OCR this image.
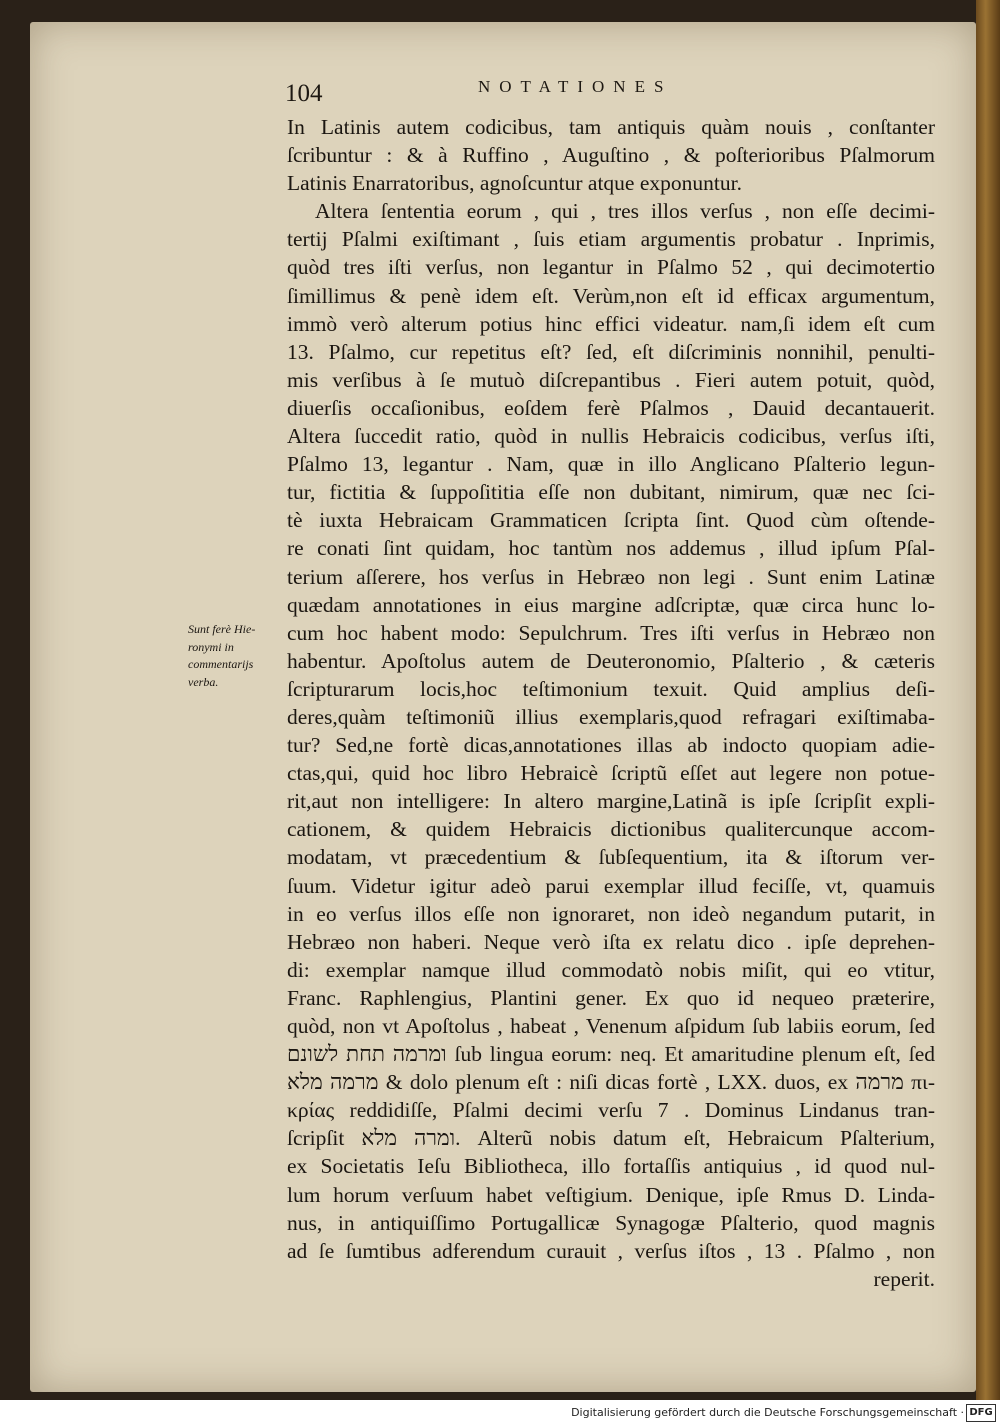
104	NOTATIONES
Sunt ferè Hie-
ronymi in
commentarijs
verba.
In Latinis autem codicibus, tam antiquis quàm nouis , conſtanter
ſcribuntur : & à Ruffino , Auguſtino , & poſterioribus Pſalmorum
Latinis Enarratoribus, agnoſcuntur atque exponuntur.
Altera ſententia eorum , qui , tres illos verſus , non eſſe decimi-
tertij Pſalmi exiſtimant , ſuis etiam argumentis probatur . Inprimis,
quòd tres iſti verſus, non legantur in Pſalmo 52 , qui decimotertio
ſimillimus & penè idem eſt. Verùm,non eſt id efficax argumentum,
immò verò alterum potius hinc effici videatur. nam,ſi idem eſt cum
13. Pſalmo, cur repetitus eſt? ſed, eſt diſcriminis nonnihil, penulti-
mis verſibus à ſe mutuò diſcrepantibus . Fieri autem potuit, quòd,
diuerſis occaſionibus, eoſdem ferè Pſalmos , Dauid decantauerit.
Altera ſuccedit ratio, quòd in nullis Hebraicis codicibus, verſus iſti,
Pſalmo 13, legantur . Nam, quæ in illo Anglicano Pſalterio legun-
tur, fictitia & ſuppoſititia eſſe non dubitant, nimirum, quæ nec ſci-
tè iuxta Hebraicam Grammaticen ſcripta ſint. Quod cùm oſtende-
re conati ſint quidam, hoc tantùm nos addemus , illud ipſum Pſal-
terium aſſerere, hos verſus in Hebræo non legi . Sunt enim Latinæ
quædam annotationes in eius margine adſcriptæ, quæ circa hunc lo-
cum hoc habent modo: Sepulchrum. Tres iſti verſus in Hebræo non
habentur. Apoſtolus autem de Deuteronomio, Pſalterio , & cæteris
ſcripturarum locis,hoc teſtimonium texuit. Quid amplius deſi-
deres,quàm teſtimoniũ illius exemplaris,quod refragari exiſtimaba-
tur? Sed,ne fortè dicas,annotationes illas ab indocto quopiam adie-
ctas,qui, quid hoc libro Hebraicè ſcriptũ eſſet aut legere non potue-
rit,aut non intelligere: In altero margine,Latinã is ipſe ſcripſit expli-
cationem, & quidem Hebraicis dictionibus qualitercunque accom-
modatam, vt præcedentium & ſubſequentium, ita & iſtorum ver-
ſuum. Videtur igitur adeò parui exemplar illud feciſſe, vt, quamuis
in eo verſus illos eſſe non ignoraret, non ideò negandum putarit, in
Hebræo non haberi. Neque verò iſta ex relatu dico . ipſe deprehen-
di: exemplar namque illud commodatò nobis miſit, qui eo vtitur,
Franc. Raphlengius, Plantini gener. Ex quo id nequeo præterire,
quòd, non vt Apoſtolus , habeat , Venenum aſpidum ſub labiis eorum, ſed
ומרמה תחת לשונם ſub lingua eorum: neq. Et amaritudine plenum eſt, ſed
מרמה מלא & dolo plenum eſt : niſi dicas fortè , LXX. duos, ex מרמה πι-
κρίας reddidiſſe, Pſalmi decimi verſu 7 . Dominus Lindanus tran-
ſcripſit ומרה מלא. Alterũ nobis datum eſt, Hebraicum Pſalterium,
ex Societatis Ieſu Bibliotheca, illo fortaſſis antiquius , id quod nul-
lum horum verſuum habet veſtigium. Denique, ipſe Rmus D. Linda-
nus, in antiquiſſimo Portugallicæ Synagogæ Pſalterio, quod magnis
ad ſe ſumtibus adferendum curauit , verſus iſtos , 13 . Pſalmo , non
reperit.
Digitalisierung gefördert durch die Deutsche Forschungsgemeinschaft · DFG
